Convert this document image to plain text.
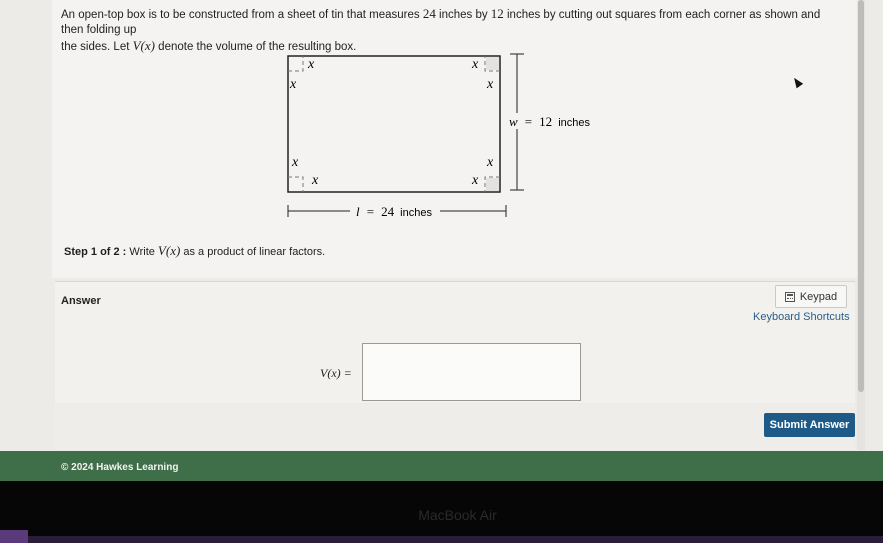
An open-top box is to be constructed from a sheet of tin that measures 24 inches by 12 inches by cutting out squares from each corner as shown and then folding up
the sides. Let V(x) denote the volume of the resulting box.
x
x
x
x
x
x
x
x
w = 12 inches
l = 24 inches
Step 1 of 2 : Write V(x) as a product of linear factors.
Answer	Keypad
Keyboard Shortcuts
V(x) =
Submit Answer
© 2024 Hawkes Learning
MacBook Air
